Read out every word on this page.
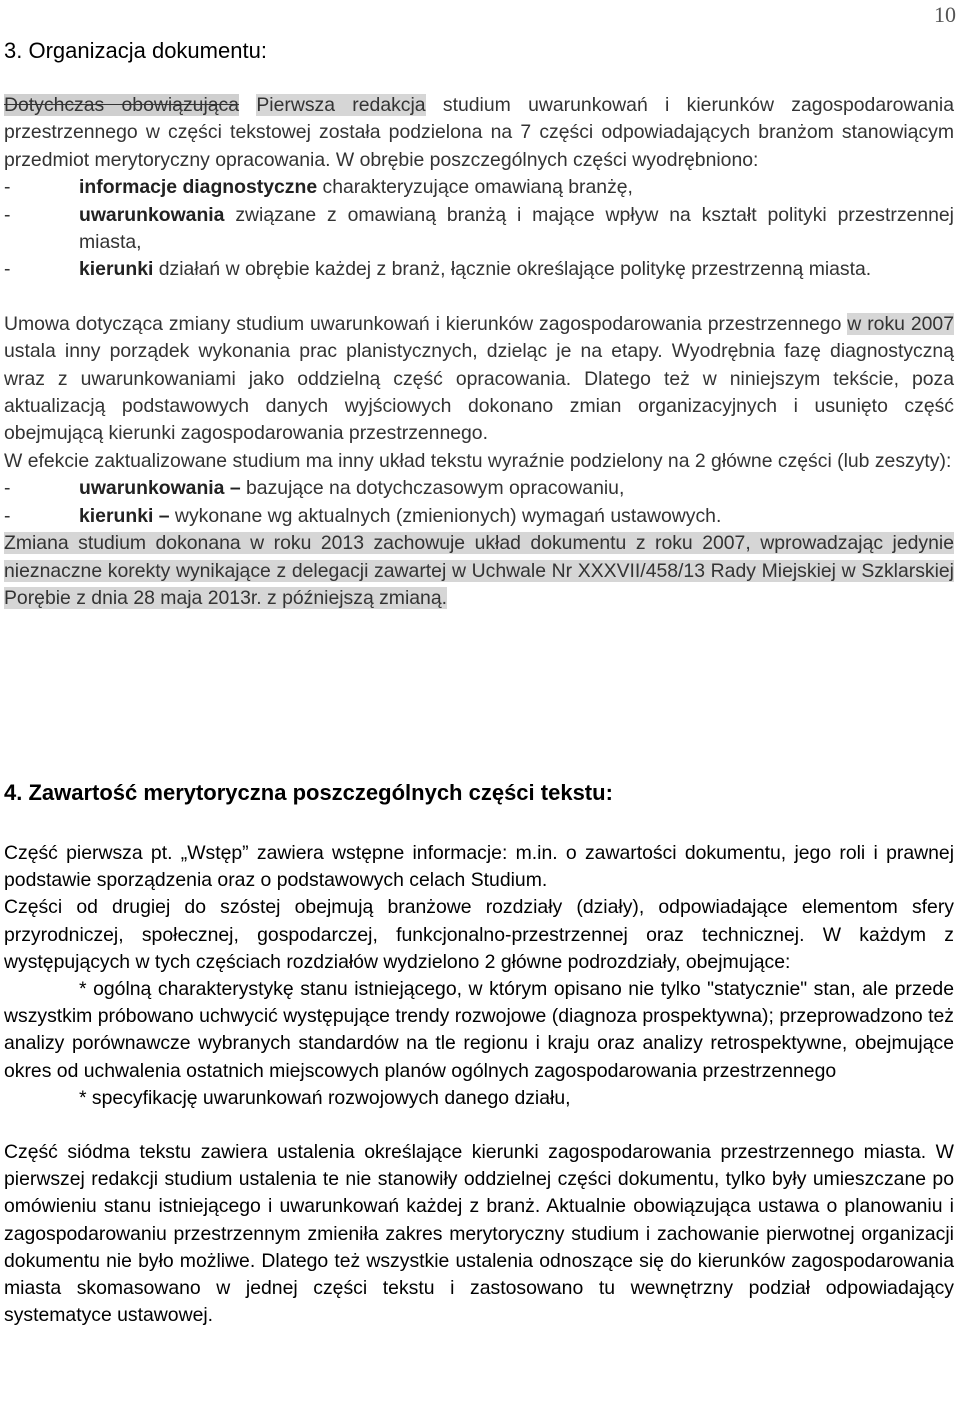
10
3. Organizacja dokumentu:

Dotychczas obowiązująca Pierwsza redakcja studium uwarunkowań i kierunków zagospodarowania przestrzennego w części tekstowej została podzielona na 7 części odpowiadających branżom stanowiącym przedmiot merytoryczny opracowania. W obrębie poszczególnych części wyodrębniono:

-	informacje diagnostyczne charakteryzujące omawianą branżę,
-	uwarunkowania związane z omawianą branżą i mające wpływ na kształt polityki przestrzennej miasta,
-	kierunki działań w obrębie każdej z branż, łącznie określające politykę przestrzenną miasta.

Umowa dotycząca zmiany studium uwarunkowań i kierunków zagospodarowania przestrzennego w roku 2007 ustala inny porządek wykonania prac planistycznych, dzieląc je na etapy. Wyodrębnia fazę diagnostyczną wraz z uwarunkowaniami jako oddzielną część opracowania. Dlatego też w niniejszym tekście, poza aktualizacją podstawowych danych wyjściowych dokonano zmian organizacyjnych i usunięto część obejmującą kierunki zagospodarowania przestrzennego.

W efekcie zaktualizowane studium ma inny układ tekstu wyraźnie podzielony na 2 główne części (lub zeszyty):

-	uwarunkowania – bazujące na dotychczasowym opracowaniu,
-	kierunki – wykonane wg aktualnych (zmienionych) wymagań ustawowych.

Zmiana studium dokonana w roku 2013 zachowuje układ dokumentu z roku 2007, wprowadzając jedynie nieznaczne korekty wynikające z delegacji zawartej w Uchwale Nr XXXVII/458/13 Rady Miejskiej w Szklarskiej Porębie z dnia 28 maja 2013r. z późniejszą zmianą.

4. Zawartość merytoryczna poszczególnych części tekstu:

Część pierwsza pt. „Wstęp” zawiera wstępne informacje: m.in. o zawartości dokumentu, jego roli i prawnej podstawie sporządzenia oraz o podstawowych celach Studium.

Części od drugiej do szóstej obejmują branżowe rozdziały (działy), odpowiadające elementom sfery przyrodniczej, społecznej, gospodarczej, funkcjonalno-przestrzennej oraz technicznej. W każdym z występujących w tych częściach rozdziałów wydzielono 2 główne podrozdziały, obejmujące:

* ogólną charakterystykę stanu istniejącego, w którym opisano nie tylko "statycznie" stan, ale przede wszystkim próbowano uchwycić występujące trendy rozwojowe (diagnoza prospektywna); przeprowadzono też analizy porównawcze wybranych standardów na tle regionu i kraju oraz analizy retrospektywne, obejmujące okres od uchwalenia ostatnich miejscowych planów ogólnych zagospodarowania przestrzennego

* specyfikację uwarunkowań rozwojowych danego działu,

Część siódma tekstu zawiera ustalenia określające kierunki zagospodarowania przestrzennego miasta. W pierwszej redakcji studium ustalenia te nie stanowiły oddzielnej części dokumentu, tylko były umieszczane po omówieniu stanu istniejącego i uwarunkowań każdej z branż. Aktualnie obowiązująca ustawa o planowaniu i zagospodarowaniu przestrzennym zmieniła zakres merytoryczny studium i zachowanie pierwotnej organizacji dokumentu nie było możliwe. Dlatego też wszystkie ustalenia odnoszące się do kierunków zagospodarowania miasta skomasowano w jednej części tekstu i zastosowano tu wewnętrzny podział odpowiadający systematyce ustawowej.
